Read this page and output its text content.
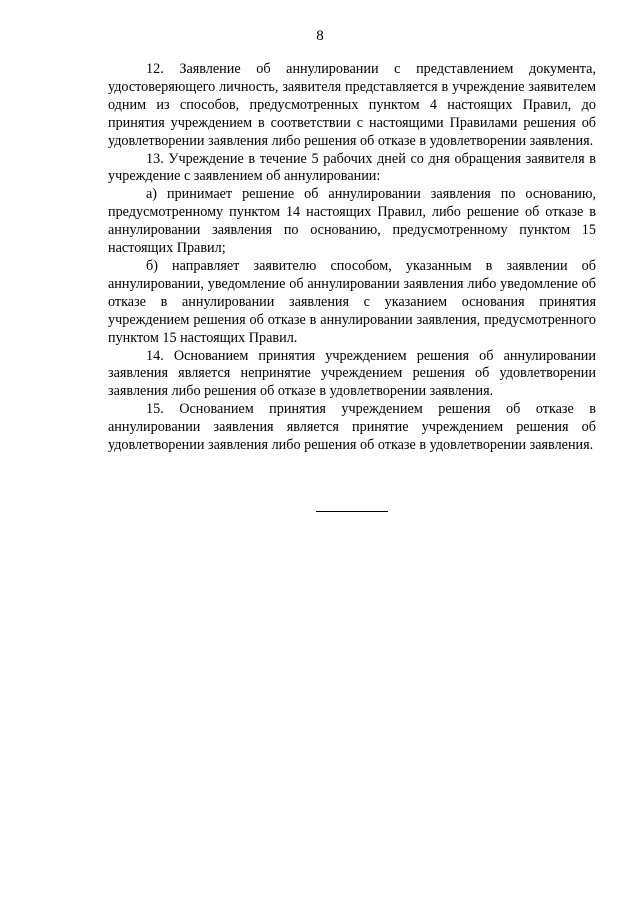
8

12. Заявление об аннулировании с представлением документа, удостоверяющего личность, заявителя представляется в учреждение заявителем одним из способов, предусмотренных пунктом 4 настоящих Правил, до принятия учреждением в соответствии с настоящими Правилами решения об удовлетворении заявления либо решения об отказе в удовлетворении заявления.

13. Учреждение в течение 5 рабочих дней со дня обращения заявителя в учреждение с заявлением об аннулировании:

а) принимает решение об аннулировании заявления по основанию, предусмотренному пунктом 14 настоящих Правил, либо решение об отказе в аннулировании заявления по основанию, предусмотренному пунктом 15 настоящих Правил;

б) направляет заявителю способом, указанным в заявлении об аннулировании, уведомление об аннулировании заявления либо уведомление об отказе в аннулировании заявления с указанием основания принятия учреждением решения об отказе в аннулировании заявления, предусмотренного пунктом 15 настоящих Правил.

14. Основанием принятия учреждением решения об аннулировании заявления является непринятие учреждением решения об удовлетворении заявления либо решения об отказе в удовлетворении заявления.

15. Основанием принятия учреждением решения об отказе в аннулировании заявления является принятие учреждением решения об удовлетворении заявления либо решения об отказе в удовлетворении заявления.
